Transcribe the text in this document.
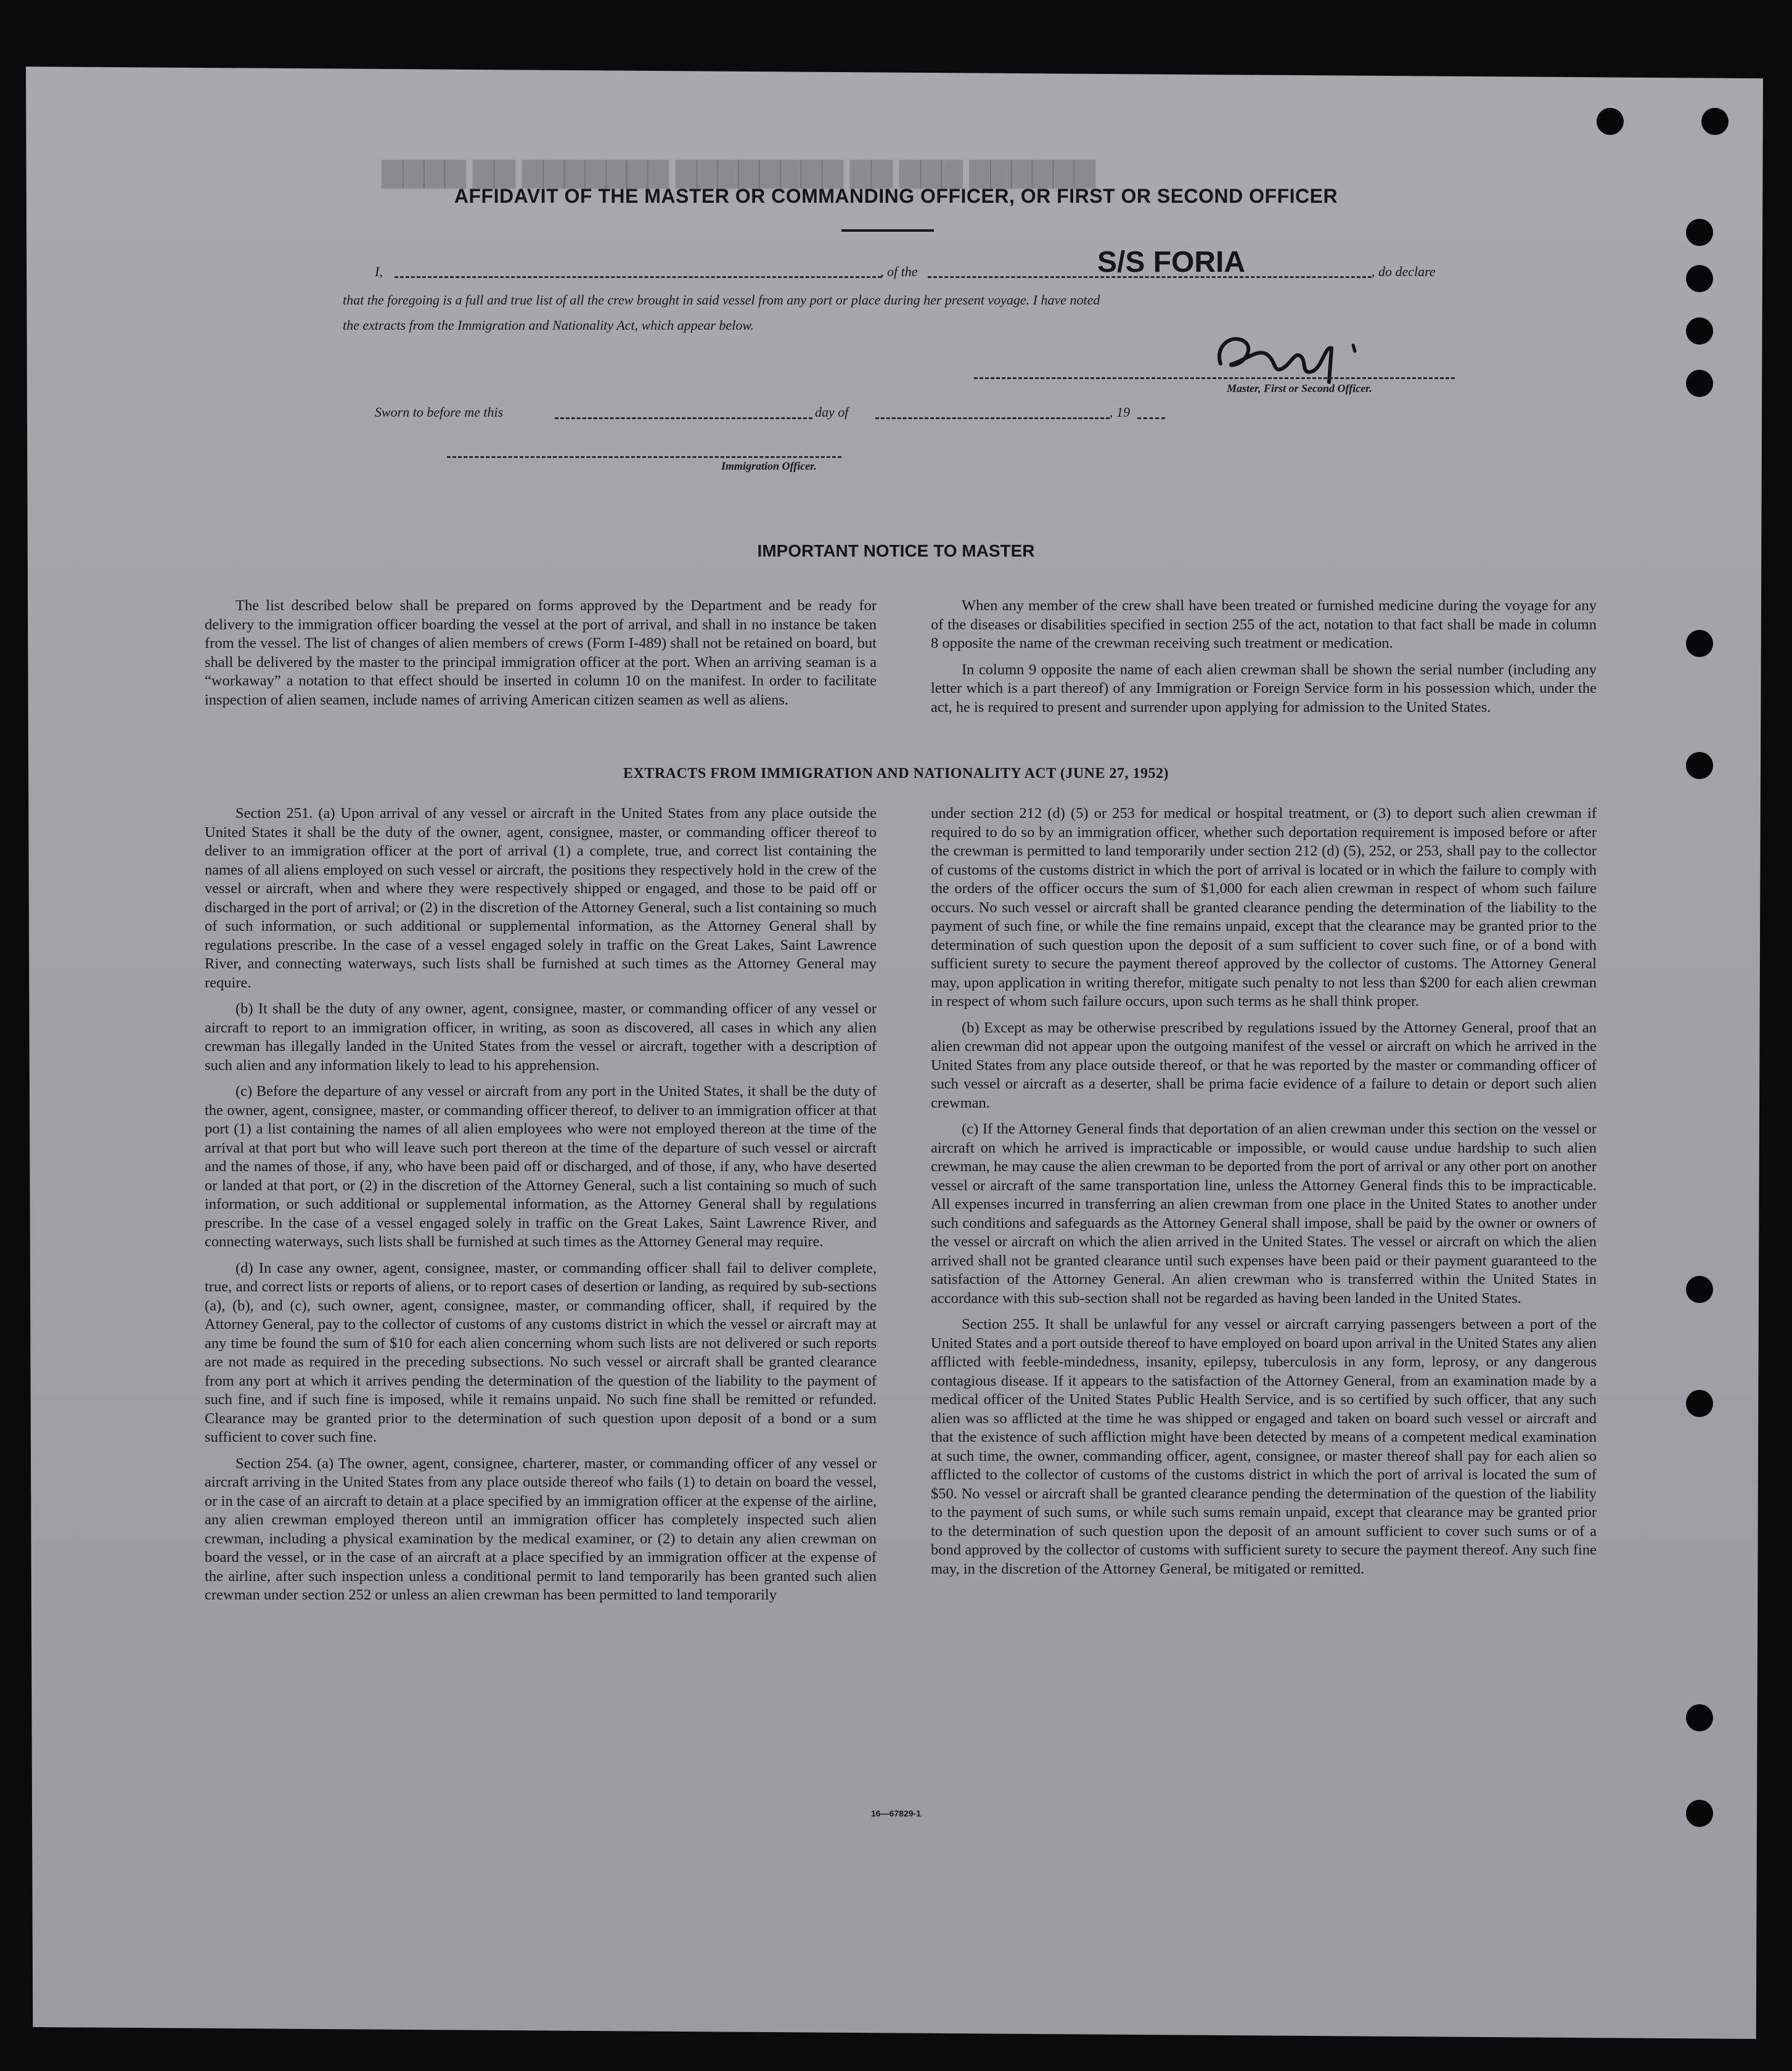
▇▇▇▇ ▇▇ ▇▇▇▇▇▇▇ ▇▇▇▇▇▇▇▇ ▇▇ ▇▇▇ ▇▇▇▇▇▇
AFFIDAVIT OF THE MASTER OR COMMANDING OFFICER, OR FIRST OR SECOND OFFICER
I,	, of the	S/S FORIA	, do declare
that the foregoing is a full and true list of all the crew brought in said vessel from any port or place during her present voyage. I have noted
the extracts from the Immigration and Nationality Act, which appear below.
Master, First or Second Officer.
Sworn to before me this	day of	, 19
Immigration Officer.
IMPORTANT NOTICE TO MASTER

The list described below shall be prepared on forms approved by the Department and be ready for delivery to the immigration officer boarding the vessel at the port of arrival, and shall in no instance be taken from the vessel. The list of changes of alien members of crews (Form I-489) shall not be retained on board, but shall be delivered by the master to the principal immigration officer at the port. When an arriving seaman is a “workaway” a notation to that effect should be inserted in column 10 on the manifest. In order to facilitate inspection of alien seamen, include names of arriving American citizen seamen as well as aliens.

When any member of the crew shall have been treated or furnished medicine during the voyage for any of the diseases or disabilities specified in section 255 of the act, notation to that fact shall be made in column 8 opposite the name of the crewman receiving such treatment or medication.

In column 9 opposite the name of each alien crewman shall be shown the serial number (including any letter which is a part thereof) of any Immigration or Foreign Service form in his possession which, under the act, he is required to present and surrender upon applying for admission to the United States.

EXTRACTS FROM IMMIGRATION AND NATIONALITY ACT (JUNE 27, 1952)

Section 251. (a) Upon arrival of any vessel or aircraft in the United States from any place outside the United States it shall be the duty of the owner, agent, consignee, master, or commanding officer thereof to deliver to an immigration officer at the port of arrival (1) a complete, true, and correct list containing the names of all aliens employed on such vessel or aircraft, the positions they respectively hold in the crew of the vessel or aircraft, when and where they were respectively shipped or engaged, and those to be paid off or discharged in the port of arrival; or (2) in the discretion of the Attorney General, such a list containing so much of such information, or such additional or supplemental information, as the Attorney General shall by regulations prescribe. In the case of a vessel engaged solely in traffic on the Great Lakes, Saint Lawrence River, and connecting waterways, such lists shall be furnished at such times as the Attorney General may require.

(b) It shall be the duty of any owner, agent, consignee, master, or commanding officer of any vessel or aircraft to report to an immigration officer, in writing, as soon as discovered, all cases in which any alien crewman has illegally landed in the United States from the vessel or aircraft, together with a description of such alien and any information likely to lead to his apprehension.

(c) Before the departure of any vessel or aircraft from any port in the United States, it shall be the duty of the owner, agent, consignee, master, or commanding officer thereof, to deliver to an immigration officer at that port (1) a list containing the names of all alien employees who were not employed thereon at the time of the arrival at that port but who will leave such port thereon at the time of the departure of such vessel or aircraft and the names of those, if any, who have been paid off or discharged, and of those, if any, who have deserted or landed at that port, or (2) in the discretion of the Attorney General, such a list containing so much of such information, or such additional or supplemental information, as the Attorney General shall by regulations prescribe. In the case of a vessel engaged solely in traffic on the Great Lakes, Saint Lawrence River, and connecting waterways, such lists shall be furnished at such times as the Attorney General may require.

(d) In case any owner, agent, consignee, master, or commanding officer shall fail to deliver complete, true, and correct lists or reports of aliens, or to report cases of desertion or landing, as required by sub-sections (a), (b), and (c), such owner, agent, consignee, master, or commanding officer, shall, if required by the Attorney General, pay to the collector of customs of any customs district in which the vessel or aircraft may at any time be found the sum of $10 for each alien concerning whom such lists are not delivered or such reports are not made as required in the preceding subsections. No such vessel or aircraft shall be granted clearance from any port at which it arrives pending the determination of the question of the liability to the payment of such fine, and if such fine is imposed, while it remains unpaid. No such fine shall be remitted or refunded. Clearance may be granted prior to the determination of such question upon deposit of a bond or a sum sufficient to cover such fine.

Section 254. (a) The owner, agent, consignee, charterer, master, or commanding officer of any vessel or aircraft arriving in the United States from any place outside thereof who fails (1) to detain on board the vessel, or in the case of an aircraft to detain at a place specified by an immigration officer at the expense of the airline, any alien crewman employed thereon until an immigration officer has completely inspected such alien crewman, including a physical examination by the medical examiner, or (2) to detain any alien crewman on board the vessel, or in the case of an aircraft at a place specified by an immigration officer at the expense of the airline, after such inspection unless a conditional permit to land temporarily has been granted such alien crewman under section 252 or unless an alien crewman has been permitted to land temporarily

under section 212 (d) (5) or 253 for medical or hospital treatment, or (3) to deport such alien crewman if required to do so by an immigration officer, whether such deportation requirement is imposed before or after the crewman is permitted to land temporarily under section 212 (d) (5), 252, or 253, shall pay to the collector of customs of the customs district in which the port of arrival is located or in which the failure to comply with the orders of the officer occurs the sum of $1,000 for each alien crewman in respect of whom such failure occurs. No such vessel or aircraft shall be granted clearance pending the determination of the liability to the payment of such fine, or while the fine remains unpaid, except that the clearance may be granted prior to the determination of such question upon the deposit of a sum sufficient to cover such fine, or of a bond with sufficient surety to secure the payment thereof approved by the collector of customs. The Attorney General may, upon application in writing therefor, mitigate such penalty to not less than $200 for each alien crewman in respect of whom such failure occurs, upon such terms as he shall think proper.

(b) Except as may be otherwise prescribed by regulations issued by the Attorney General, proof that an alien crewman did not appear upon the outgoing manifest of the vessel or aircraft on which he arrived in the United States from any place outside thereof, or that he was reported by the master or commanding officer of such vessel or aircraft as a deserter, shall be prima facie evidence of a failure to detain or deport such alien crewman.

(c) If the Attorney General finds that deportation of an alien crewman under this section on the vessel or aircraft on which he arrived is impracticable or impossible, or would cause undue hardship to such alien crewman, he may cause the alien crewman to be deported from the port of arrival or any other port on another vessel or aircraft of the same transportation line, unless the Attorney General finds this to be impracticable. All expenses incurred in transferring an alien crewman from one place in the United States to another under such conditions and safeguards as the Attorney General shall impose, shall be paid by the owner or owners of the vessel or aircraft on which the alien arrived in the United States. The vessel or aircraft on which the alien arrived shall not be granted clearance until such expenses have been paid or their payment guaranteed to the satisfaction of the Attorney General. An alien crewman who is transferred within the United States in accordance with this sub-section shall not be regarded as having been landed in the United States.

Section 255. It shall be unlawful for any vessel or aircraft carrying passengers between a port of the United States and a port outside thereof to have employed on board upon arrival in the United States any alien afflicted with feeble-mindedness, insanity, epilepsy, tuberculosis in any form, leprosy, or any dangerous contagious disease. If it appears to the satisfaction of the Attorney General, from an examination made by a medical officer of the United States Public Health Service, and is so certified by such officer, that any such alien was so afflicted at the time he was shipped or engaged and taken on board such vessel or aircraft and that the existence of such affliction might have been detected by means of a competent medical examination at such time, the owner, commanding officer, agent, consignee, or master thereof shall pay for each alien so afflicted to the collector of customs of the customs district in which the port of arrival is located the sum of $50. No vessel or aircraft shall be granted clearance pending the determination of the question of the liability to the payment of such sums, or while such sums remain unpaid, except that clearance may be granted prior to the determination of such question upon the deposit of an amount sufficient to cover such sums or of a bond approved by the collector of customs with sufficient surety to secure the payment thereof. Any such fine may, in the discretion of the Attorney General, be mitigated or remitted.

16—67829-1
